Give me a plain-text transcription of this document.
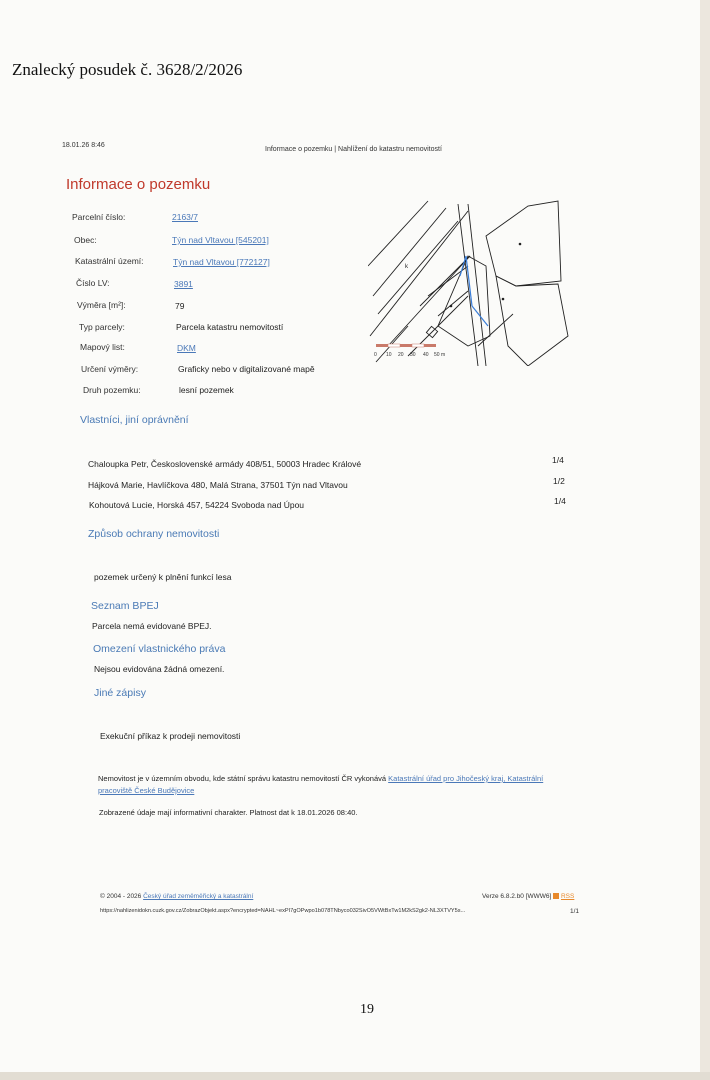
Znalecký posudek č. 3628/2/2026
18.01.26 8:46
Informace o pozemku | Nahlížení do katastru nemovitostí
Informace o pozemku
Parcelní číslo:	2163/7
Obec:	Týn nad Vltavou [545201]
Katastrální území:	Týn nad Vltavou [772127]
Číslo LV:	3891
Výměra [m²]:	79
Typ parcely:	Parcela katastru nemovitostí
Mapový list:	DKM
Určení výměry:	Graficky nebo v digitalizované mapě
Druh pozemku:	lesní pozemek
k
0 10 20 30 40 50 m
Vlastníci, jiní oprávnění
Chaloupka Petr, Československé armády 408/51, 50003 Hradec Králové	1/4
Hájková Marie, Havlíčkova 480, Malá Strana, 37501 Týn nad Vltavou	1/2
Kohoutová Lucie, Horská 457, 54224 Svoboda nad Úpou	1/4
Způsob ochrany nemovitosti
pozemek určený k plnění funkcí lesa
Seznam BPEJ
Parcela nemá evidované BPEJ.
Omezení vlastnického práva
Nejsou evidována žádná omezení.
Jiné zápisy
Exekuční příkaz k prodeji nemovitosti
Nemovitost je v územním obvodu, kde státní správu katastru nemovitostí ČR vykonává Katastrální úřad pro Jihočeský kraj, Katastrální pracoviště České Budějovice
Zobrazené údaje mají informativní charakter. Platnost dat k 18.01.2026 08:40.
© 2004 - 2026 Český úřad zeměměřický a katastrální	Verze 6.8.2.b0 [WWW6] RSS
https://nahlizenidokn.cuzk.gov.cz/ZobrazObjekt.aspx?encrypted=NAHL~exPI7gOPwpo1b078TNbyco032SivO5VWtBxTw1M2kS2gk2-NL3XTVY5s...	1/1
19
